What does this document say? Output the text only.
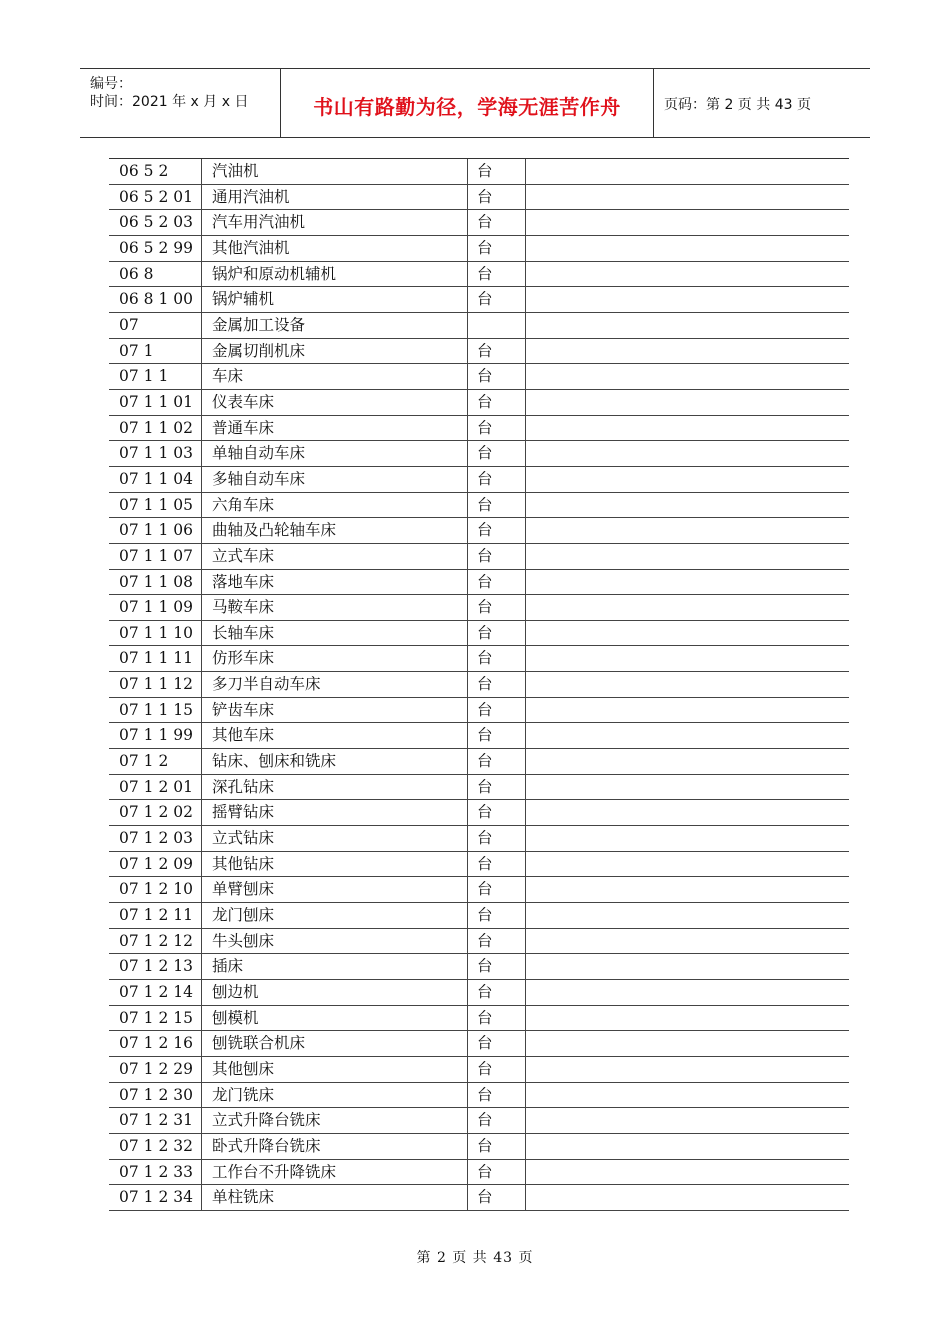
编号：
时间：2021 年 x 月 x 日	书山有路勤为径，学海无涯苦作舟	页码：第 2 页 共 43 页
06 5 2	汽油机	台
06 5 2 01	通用汽油机	台
06 5 2 03	汽车用汽油机	台
06 5 2 99	其他汽油机	台
06 8	锅炉和原动机辅机	台
06 8 1 00	锅炉辅机	台
07	金属加工设备
07 1	金属切削机床	台
07 1 1	车床	台
07 1 1 01	仪表车床	台
07 1 1 02	普通车床	台
07 1 1 03	单轴自动车床	台
07 1 1 04	多轴自动车床	台
07 1 1 05	六角车床	台
07 1 1 06	曲轴及凸轮轴车床	台
07 1 1 07	立式车床	台
07 1 1 08	落地车床	台
07 1 1 09	马鞍车床	台
07 1 1 10	长轴车床	台
07 1 1 11	仿形车床	台
07 1 1 12	多刀半自动车床	台
07 1 1 15	铲齿车床	台
07 1 1 99	其他车床	台
07 1 2	钻床、刨床和铣床	台
07 1 2 01	深孔钻床	台
07 1 2 02	摇臂钻床	台
07 1 2 03	立式钻床	台
07 1 2 09	其他钻床	台
07 1 2 10	单臂刨床	台
07 1 2 11	龙门刨床	台
07 1 2 12	牛头刨床	台
07 1 2 13	插床	台
07 1 2 14	刨边机	台
07 1 2 15	刨模机	台
07 1 2 16	刨铣联合机床	台
07 1 2 29	其他刨床	台
07 1 2 30	龙门铣床	台
07 1 2 31	立式升降台铣床	台
07 1 2 32	卧式升降台铣床	台
07 1 2 33	工作台不升降铣床	台
07 1 2 34	单柱铣床	台
第 2 页 共 43 页
